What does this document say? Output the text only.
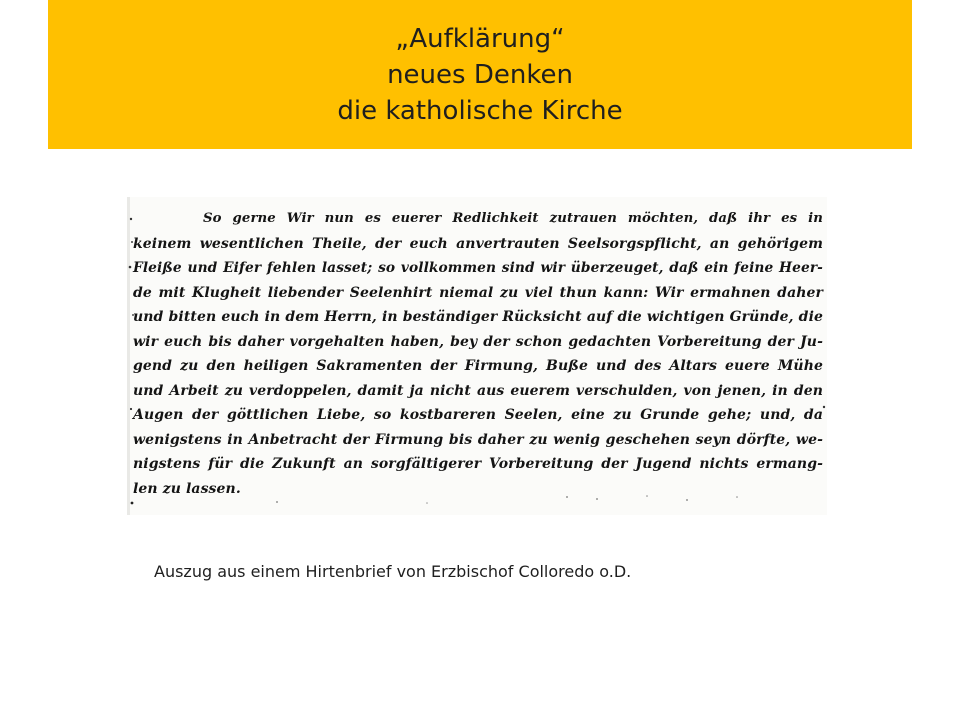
„Aufklärung“
neues Denken
die katholische Kirche
So gerne Wir nun es euerer Redlichkeit zutrauen möchten, daß ihr es in
keinem wesentlichen Theile, der euch anvertrauten Seelsorgspflicht, an gehörigem
Fleiße und Eifer fehlen lasset; so vollkommen sind wir überzeuget, daß ein feine Heer-
de mit Klugheit liebender Seelenhirt niemal zu viel thun kann: Wir ermahnen daher
und bitten euch in dem Herrn, in beständiger Rücksicht auf die wichtigen Gründe, die
wir euch bis daher vorgehalten haben, bey der schon gedachten Vorbereitung der Ju-
gend zu den heiligen Sakramenten der Firmung, Buße und des Altars euere Mühe
und Arbeit zu verdoppelen, damit ja nicht aus euerem verschulden, von jenen, in den
Augen der göttlichen Liebe, so kostbareren Seelen, eine zu Grunde gehe; und, da
wenigstens in Anbetracht der Firmung bis daher zu wenig geschehen seyn dörfte, we-
nigstens für die Zukunft an sorgfältigerer Vorbereitung der Jugend nichts ermang-
len zu lassen.
Auszug aus einem Hirtenbrief von Erzbischof Colloredo o.D.
